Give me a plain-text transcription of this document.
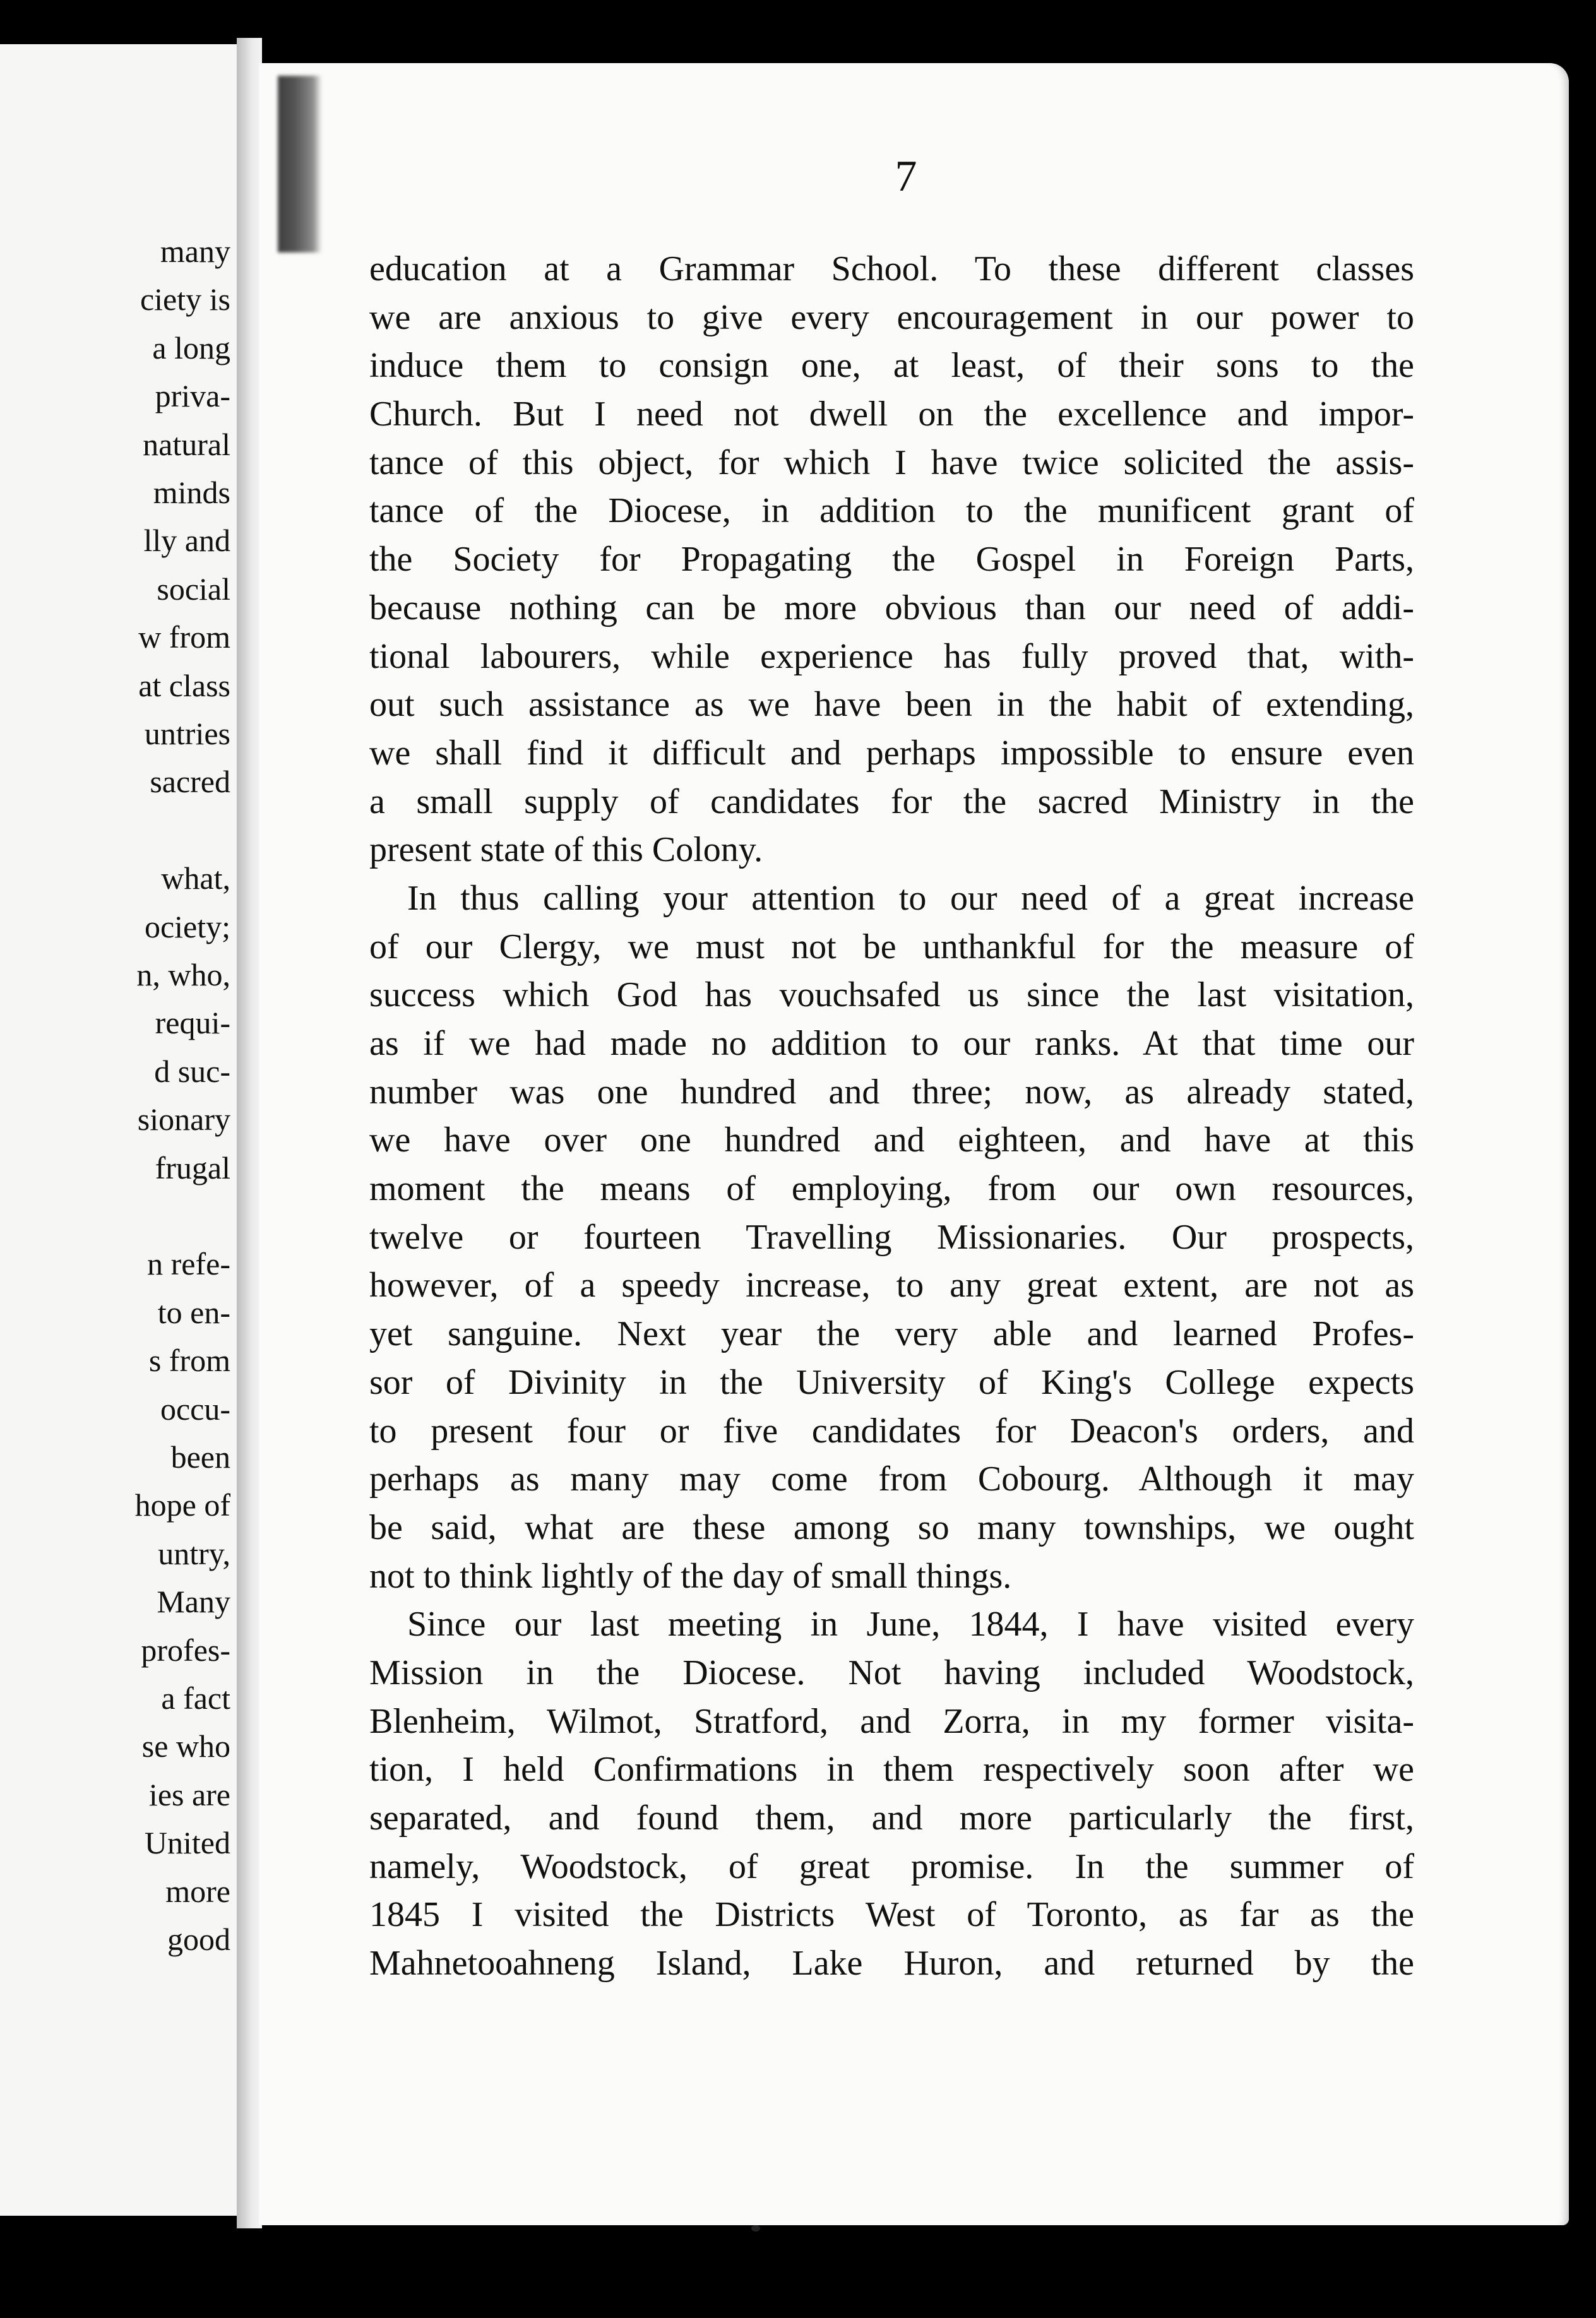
many
ciety is
a long
priva-
natural
minds
lly and
social
w from
at class
untries
sacred
what,
ociety;
n, who,
requi-
d suc-
sionary
frugal
n refe-
to en-
s from
occu-
been
hope of
untry,
Many
profes-
a fact
se who
ies are
United
more
good
7
education at a Grammar School. To these different classes
we are anxious to give every encouragement in our power to
induce them to consign one, at least, of their sons to the
Church. But I need not dwell on the excellence and impor-
tance of this object, for which I have twice solicited the assis-
tance of the Diocese, in addition to the munificent grant of
the Society for Propagating the Gospel in Foreign Parts,
because nothing can be more obvious than our need of addi-
tional labourers, while experience has fully proved that, with-
out such assistance as we have been in the habit of extending,
we shall find it difficult and perhaps impossible to ensure even
a small supply of candidates for the sacred Ministry in the
present state of this Colony.
In thus calling your attention to our need of a great increase
of our Clergy, we must not be unthankful for the measure of
success which God has vouchsafed us since the last visitation,
as if we had made no addition to our ranks. At that time our
number was one hundred and three; now, as already stated,
we have over one hundred and eighteen, and have at this
moment the means of employing, from our own resources,
twelve or fourteen Travelling Missionaries. Our prospects,
however, of a speedy increase, to any great extent, are not as
yet sanguine. Next year the very able and learned Profes-
sor of Divinity in the University of King's College expects
to present four or five candidates for Deacon's orders, and
perhaps as many may come from Cobourg. Although it may
be said, what are these among so many townships, we ought
not to think lightly of the day of small things.
Since our last meeting in June, 1844, I have visited every
Mission in the Diocese. Not having included Woodstock,
Blenheim, Wilmot, Stratford, and Zorra, in my former visita-
tion, I held Confirmations in them respectively soon after we
separated, and found them, and more particularly the first,
namely, Woodstock, of great promise. In the summer of
1845 I visited the Districts West of Toronto, as far as the
Mahnetooahneng Island, Lake Huron, and returned by the
